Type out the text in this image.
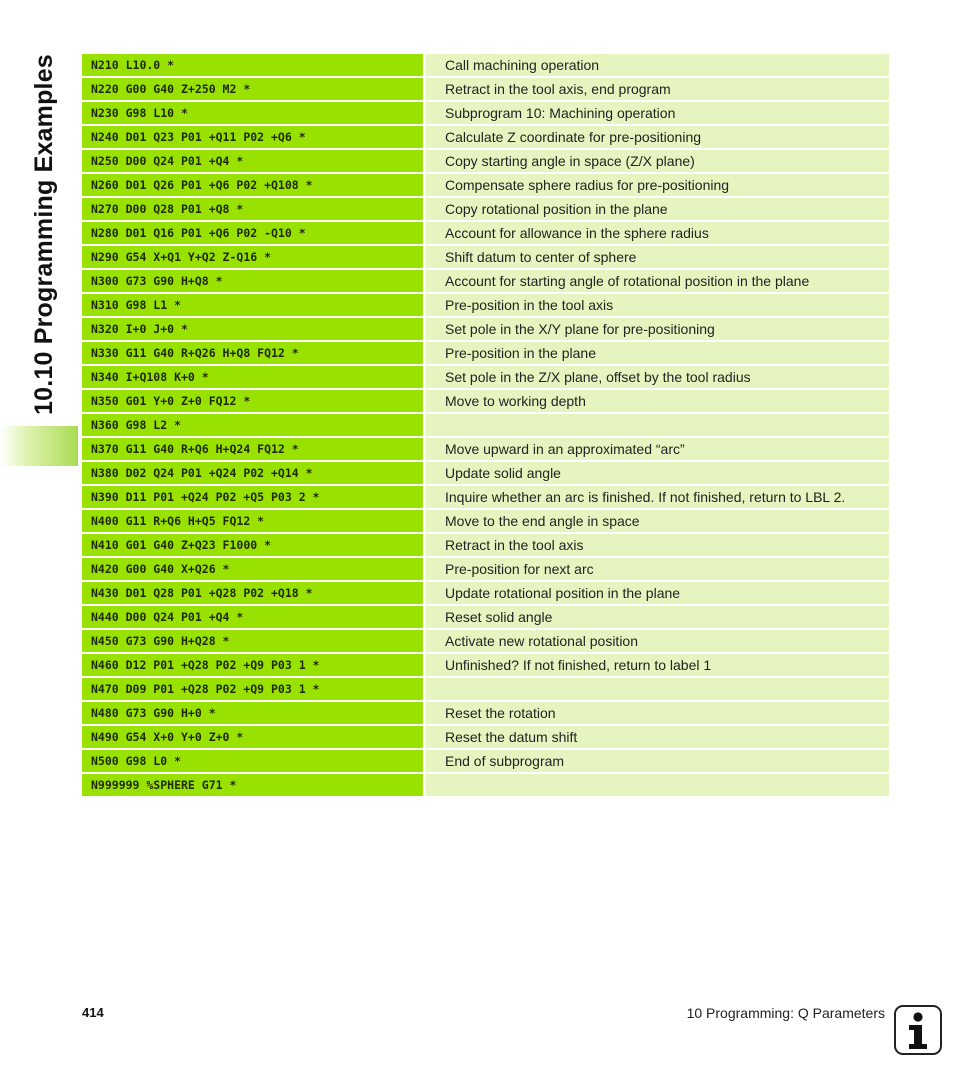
10.10 Programming Examples	N210 L10.0 *	Call machining operation
N220 G00 G40 Z+250 M2 *	Retract in the tool axis, end program
N230 G98 L10 *	Subprogram 10: Machining operation
N240 D01 Q23 P01 +Q11 P02 +Q6 *	Calculate Z coordinate for pre-positioning
N250 D00 Q24 P01 +Q4 *	Copy starting angle in space (Z/X plane)
N260 D01 Q26 P01 +Q6 P02 +Q108 *	Compensate sphere radius for pre-positioning
N270 D00 Q28 P01 +Q8 *	Copy rotational position in the plane
N280 D01 Q16 P01 +Q6 P02 -Q10 *	Account for allowance in the sphere radius
N290 G54 X+Q1 Y+Q2 Z-Q16 *	Shift datum to center of sphere
N300 G73 G90 H+Q8 *	Account for starting angle of rotational position in the plane
N310 G98 L1 *	Pre-position in the tool axis
N320 I+0 J+0 *	Set pole in the X/Y plane for pre-positioning
N330 G11 G40 R+Q26 H+Q8 FQ12 *	Pre-position in the plane
N340 I+Q108 K+0 *	Set pole in the Z/X plane, offset by the tool radius
N350 G01 Y+0 Z+0 FQ12 *	Move to working depth
N360 G98 L2 *
N370 G11 G40 R+Q6 H+Q24 FQ12 *	Move upward in an approximated “arc”
N380 D02 Q24 P01 +Q24 P02 +Q14 *	Update solid angle
N390 D11 P01 +Q24 P02 +Q5 P03 2 *	Inquire whether an arc is finished. If not finished, return to LBL 2.
N400 G11 R+Q6 H+Q5 FQ12 *	Move to the end angle in space
N410 G01 G40 Z+Q23 F1000 *	Retract in the tool axis
N420 G00 G40 X+Q26 *	Pre-position for next arc
N430 D01 Q28 P01 +Q28 P02 +Q18 *	Update rotational position in the plane
N440 D00 Q24 P01 +Q4 *	Reset solid angle
N450 G73 G90 H+Q28 *	Activate new rotational position
N460 D12 P01 +Q28 P02 +Q9 P03 1 *	Unfinished? If not finished, return to label 1
N470 D09 P01 +Q28 P02 +Q9 P03 1 *
N480 G73 G90 H+0 *	Reset the rotation
N490 G54 X+0 Y+0 Z+0 *	Reset the datum shift
N500 G98 L0 *	End of subprogram
N999999 %SPHERE G71 *
414	10 Programming: Q Parameters
